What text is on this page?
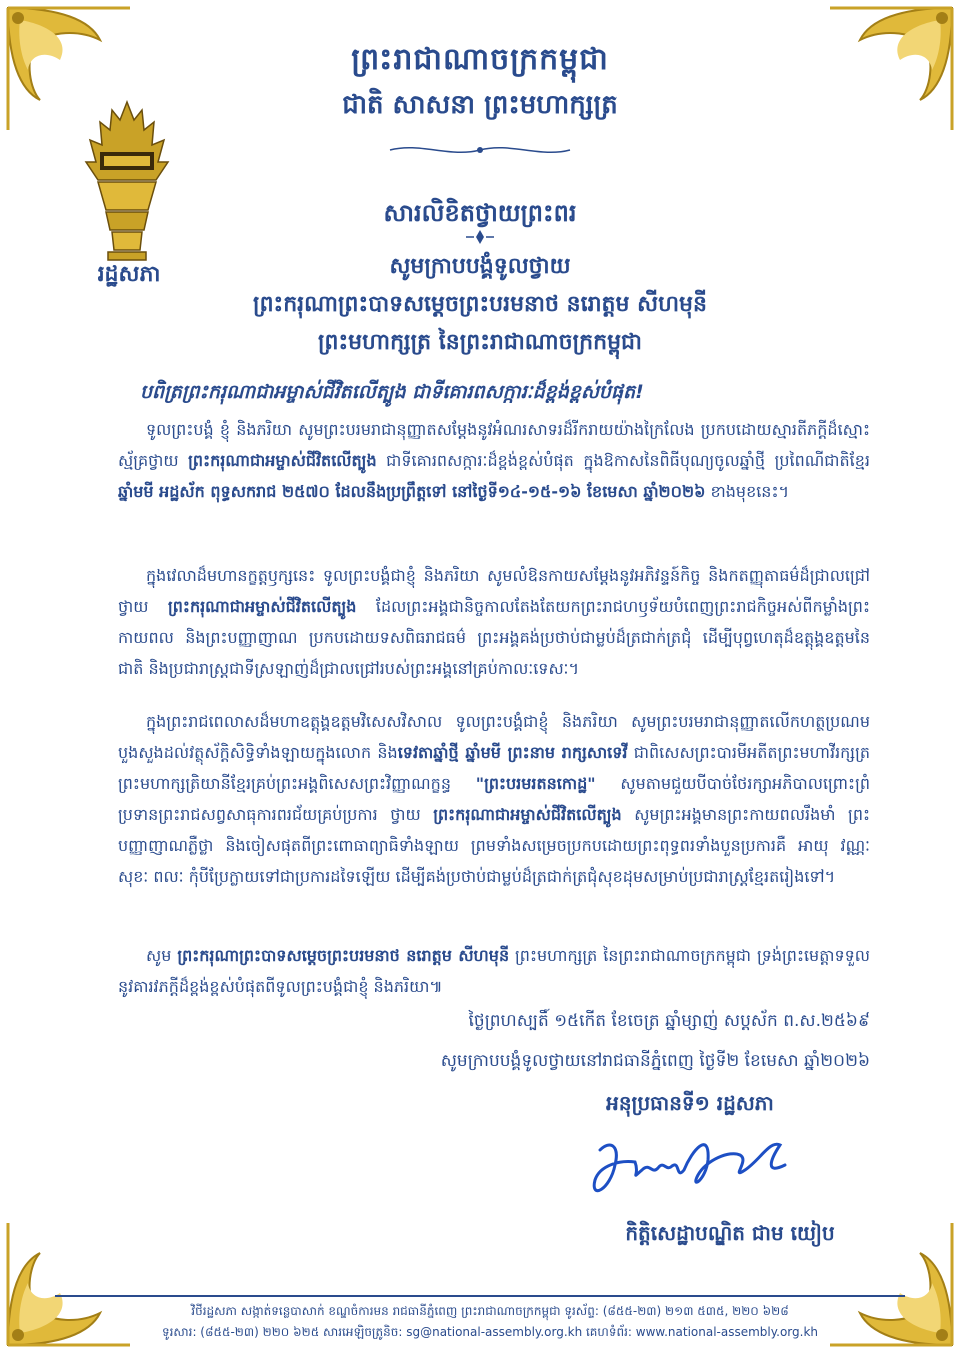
ព្រះរាជាណាចក្រកម្ពុជា
ជាតិ សាសនា ព្រះមហាក្សត្រ
រដ្ឋសភា
សារលិខិតថ្វាយព្រះពរ
សូមក្រាបបង្គំទូលថ្វាយ
ព្រះករុណាព្រះបាទសម្តេចព្រះបរមនាថ នរោត្តម សីហមុនី
ព្រះមហាក្សត្រ នៃព្រះរាជាណាចក្រកម្ពុជា
បពិត្រព្រះករុណាជាអម្ចាស់ជីវិតលើត្បូង ជាទីគោរពសក្ការៈដ៏ខ្ពង់ខ្ពស់បំផុត!

ទូលព្រះបង្គំ ខ្ញុំ និងភរិយា សូមព្រះបរមរាជានុញ្ញាតសម្តែងនូវអំណរសាទរដ៏រីករាយយ៉ាងក្រៃលែង ប្រកបដោយស្មារតីភក្តីដ៏ស្មោះស្ម័គ្រថ្វាយ ព្រះករុណាជាអម្ចាស់ជីវិតលើត្បូង ជាទីគោរពសក្ការៈដ៏ខ្ពង់ខ្ពស់បំផុត ក្នុងឱកាសនៃពិធីបុណ្យចូលឆ្នាំថ្មី ប្រពៃណីជាតិខ្មែរ ឆ្នាំមមី អដ្ឋស័ក ពុទ្ធសករាជ ២៥៧០ ដែលនឹងប្រព្រឹត្តទៅ នៅថ្ងៃទី១៤-១៥-១៦ ខែមេសា ឆ្នាំ២០២៦ ខាងមុខនេះ។

ក្នុងវេលាដ៏មហានក្ខត្តឫក្សនេះ ទូលព្រះបង្គំជាខ្ញុំ និងភរិយា សូមលំឱនកាយសម្តែងនូវអភិវន្ទន៍កិច្ច និងកតញ្ញុតាធម៌ដ៏ជ្រាលជ្រៅថ្វាយ ព្រះករុណាជាអម្ចាស់ជីវិតលើត្បូង ដែលព្រះអង្គជានិច្ចកាលតែងតែយកព្រះរាជហឫទ័យបំពេញព្រះរាជកិច្ចអស់ពីកម្លាំងព្រះកាយពល និងព្រះបញ្ញាញាណ ប្រកបដោយទសពិធរាជធម៌ ព្រះអង្គគង់ប្រថាប់ជាម្លប់ដ៏ត្រជាក់ត្រជុំ ដើម្បីបុព្វហេតុដ៏ឧត្តុង្គឧត្តមនៃជាតិ និងប្រជារាស្ត្រជាទីស្រឡាញ់ដ៏ជ្រាលជ្រៅរបស់ព្រះអង្គនៅគ្រប់កាលៈទេសៈ។

ក្នុងព្រះរាជពេលាសដ៏មហាឧត្តុង្គឧត្តមវិសេសវិសាល ទូលព្រះបង្គំជាខ្ញុំ និងភរិយា សូមព្រះបរមរាជានុញ្ញាតលើកហត្ថប្រណមបួងសួងដល់វត្ថុស័ក្តិសិទ្ធិទាំងឡាយក្នុងលោក និងទេវតាឆ្នាំថ្មី ឆ្នាំមមី ព្រះនាម រាក្សសាទេវី ជាពិសេសព្រះបារមីអតីតព្រះមហាវីរក្សត្រ ព្រះមហាក្សត្រិយានីខ្មែរគ្រប់ព្រះអង្គពិសេសព្រះវិញ្ញាណក្ខន្ធ "ព្រះបរមរតនកោដ្ឋ" សូមតាមជួយបីបាច់ថែរក្សាអភិបាលព្រោះព្រំប្រទានព្រះរាជសព្វសាធុការពរជ័យគ្រប់ប្រការ ថ្វាយ ព្រះករុណាជាអម្ចាស់ជីវិតលើត្បូង សូមព្រះអង្គមានព្រះកាយពលរឹងមាំ ព្រះបញ្ញាញាណភ្លឺថ្លា និងចៀសផុតពីព្រះពោធាព្យាធិទាំងឡាយ ព្រមទាំងសម្រេចប្រកបដោយព្រះពុទ្ធពរទាំងបួនប្រការគឺ អាយុ វណ្ណៈ សុខៈ ពលៈ កុំបីប្រែក្លាយទៅជាប្រការដទៃឡើយ ដើម្បីគង់ប្រថាប់ជាម្លប់ដ៏ត្រជាក់ត្រជុំសុខដុមសម្រាប់ប្រជារាស្ត្រខ្មែរតរៀងទៅ។

សូម ព្រះករុណាព្រះបាទសម្តេចព្រះបរមនាថ នរោត្តម សីហមុនី ព្រះមហាក្សត្រ នៃព្រះរាជាណាចក្រកម្ពុជា ទ្រង់ព្រះមេត្តាទទួលនូវគារវភក្តីដ៏ខ្ពង់ខ្ពស់បំផុតពីទូលព្រះបង្គំជាខ្ញុំ និងភរិយា៕

ថ្ងៃព្រហស្បតិ៍ ១៥កើត ខែចេត្រ ឆ្នាំម្សាញ់ សប្តស័ក ព.ស.២៥៦៩
សូមក្រាបបង្គំទូលថ្វាយនៅរាជធានីភ្នំពេញ ថ្ងៃទី២ ខែមេសា ឆ្នាំ២០២៦
អនុប្រធានទី១ រដ្ឋសភា
កិត្តិសេដ្ឋាបណ្ឌិត ជាម យៀប
វិថីរដ្ឋសភា សង្កាត់ទន្លេបាសាក់ ខណ្ឌចំការមន រាជធានីភ្នំពេញ ព្រះរាជាណាចក្រកម្ពុជា ទូរស័ព្ទ: (៨៥៥-២៣) ២១៣ ៥៣៥, ២២០ ៦២៨
ទូរសារ: (៨៥៥-២៣) ២២០ ៦២៥ សារអេឡិចត្រូនិច: sg@national-assembly.org.kh គេហទំព័រ: www.national-assembly.org.kh
